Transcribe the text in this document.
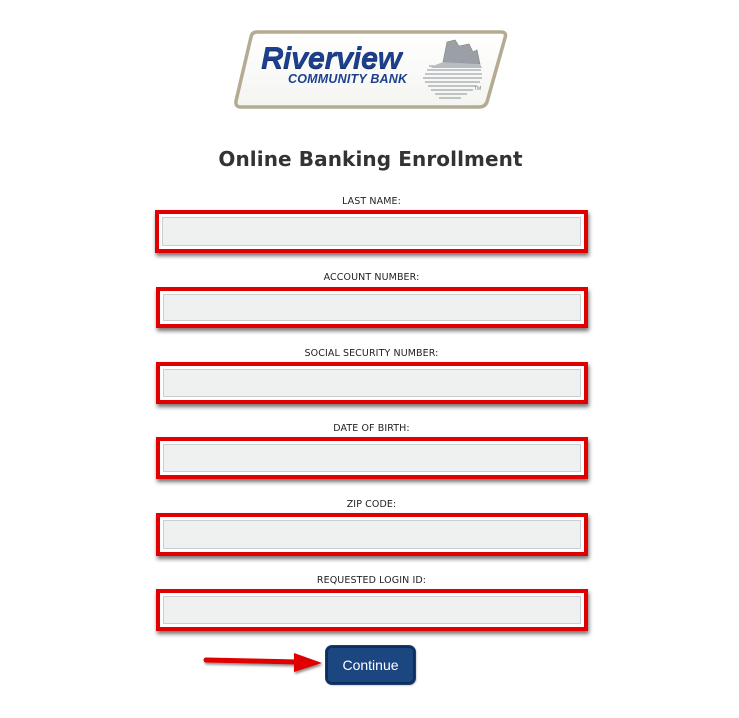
Riverview
COMMUNITY BANK
TM
Online Banking Enrollment
LAST NAME:
ACCOUNT NUMBER:
SOCIAL SECURITY NUMBER:
DATE OF BIRTH:
ZIP CODE:
REQUESTED LOGIN ID:
Continue
